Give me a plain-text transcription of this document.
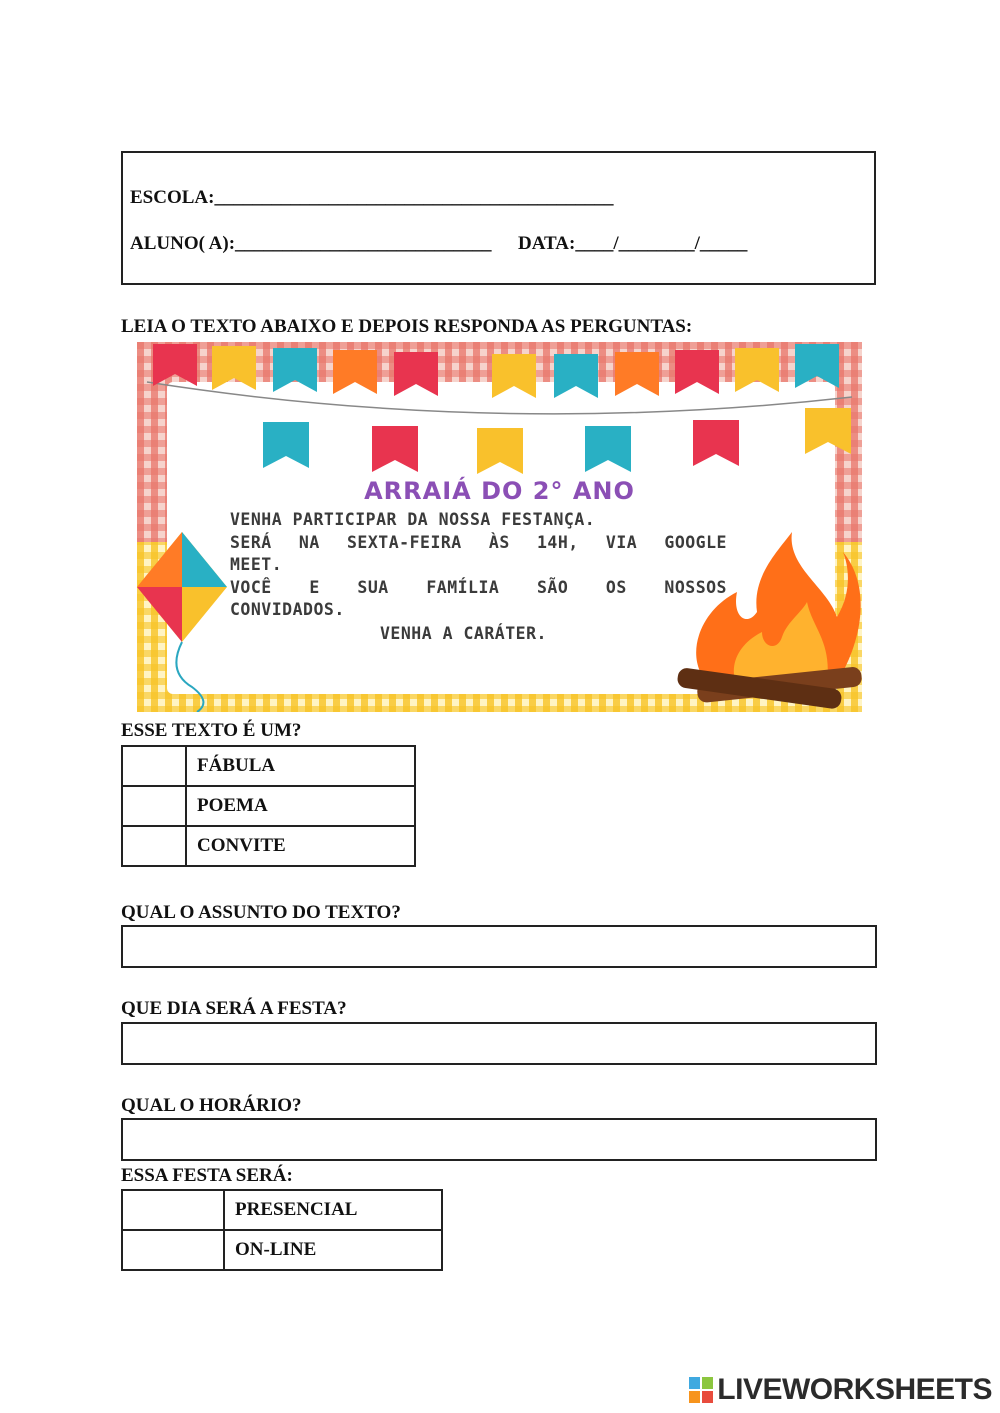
ESCOLA:__________________________________________
ALUNO( A):___________________________ DATA:____/________/_____
LEIA O TEXTO ABAIXO E DEPOIS RESPONDA AS PERGUNTAS:
ARRAIÁ DO 2° ANO
VENHA PARTICIPAR DA NOSSA FESTANÇA.
SERÁ NA SEXTA-FEIRA ÀS 14H, VIA GOOGLE
MEET.
VOCÊ E SUA FAMÍLIA SÃO OS NOSSOS
CONVIDADOS.
VENHA A CARÁTER.
ESSE TEXTO É UM?
	FÁBULA
	POEMA
	CONVITE
QUAL O ASSUNTO DO TEXTO?
QUE DIA SERÁ A FESTA?
QUAL O HORÁRIO?
ESSA FESTA SERÁ:
	PRESENCIAL
	ON-LINE
LIVEWORKSHEETS
